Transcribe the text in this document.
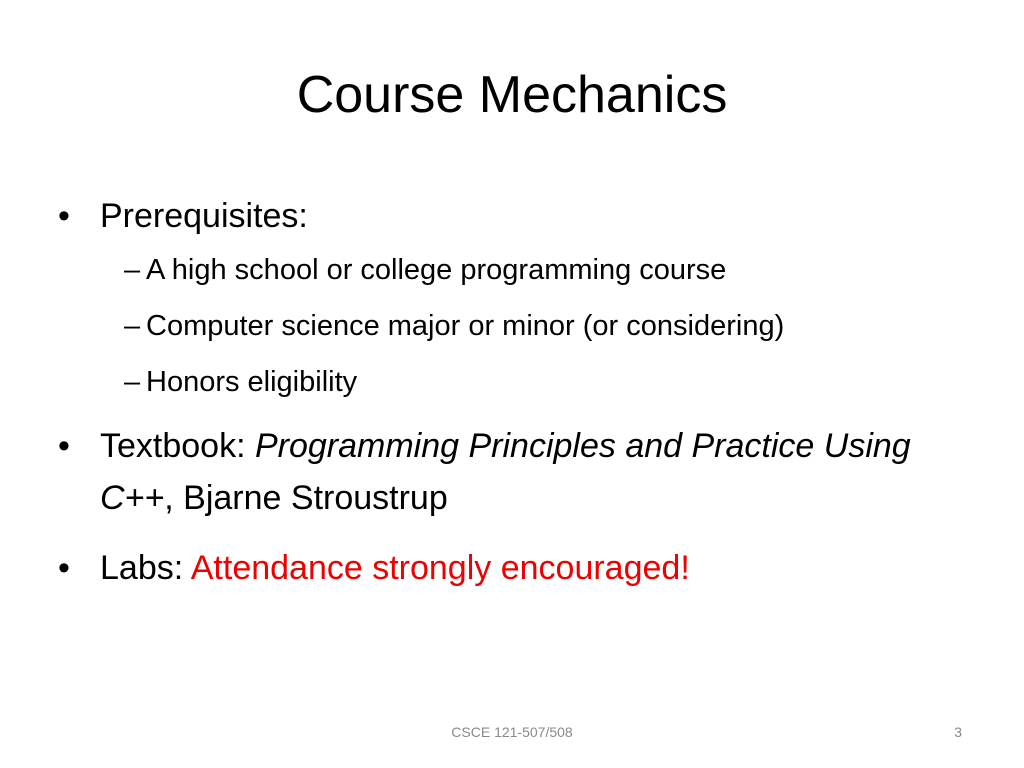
Course Mechanics
• Prerequisites:
– A high school or college programming course
– Computer science major or minor (or considering)
– Honors eligibility
• Textbook: Programming Principles and Practice Using C++, Bjarne Stroustrup
• Labs: Attendance strongly encouraged!
CSCE 121-507/508	3
